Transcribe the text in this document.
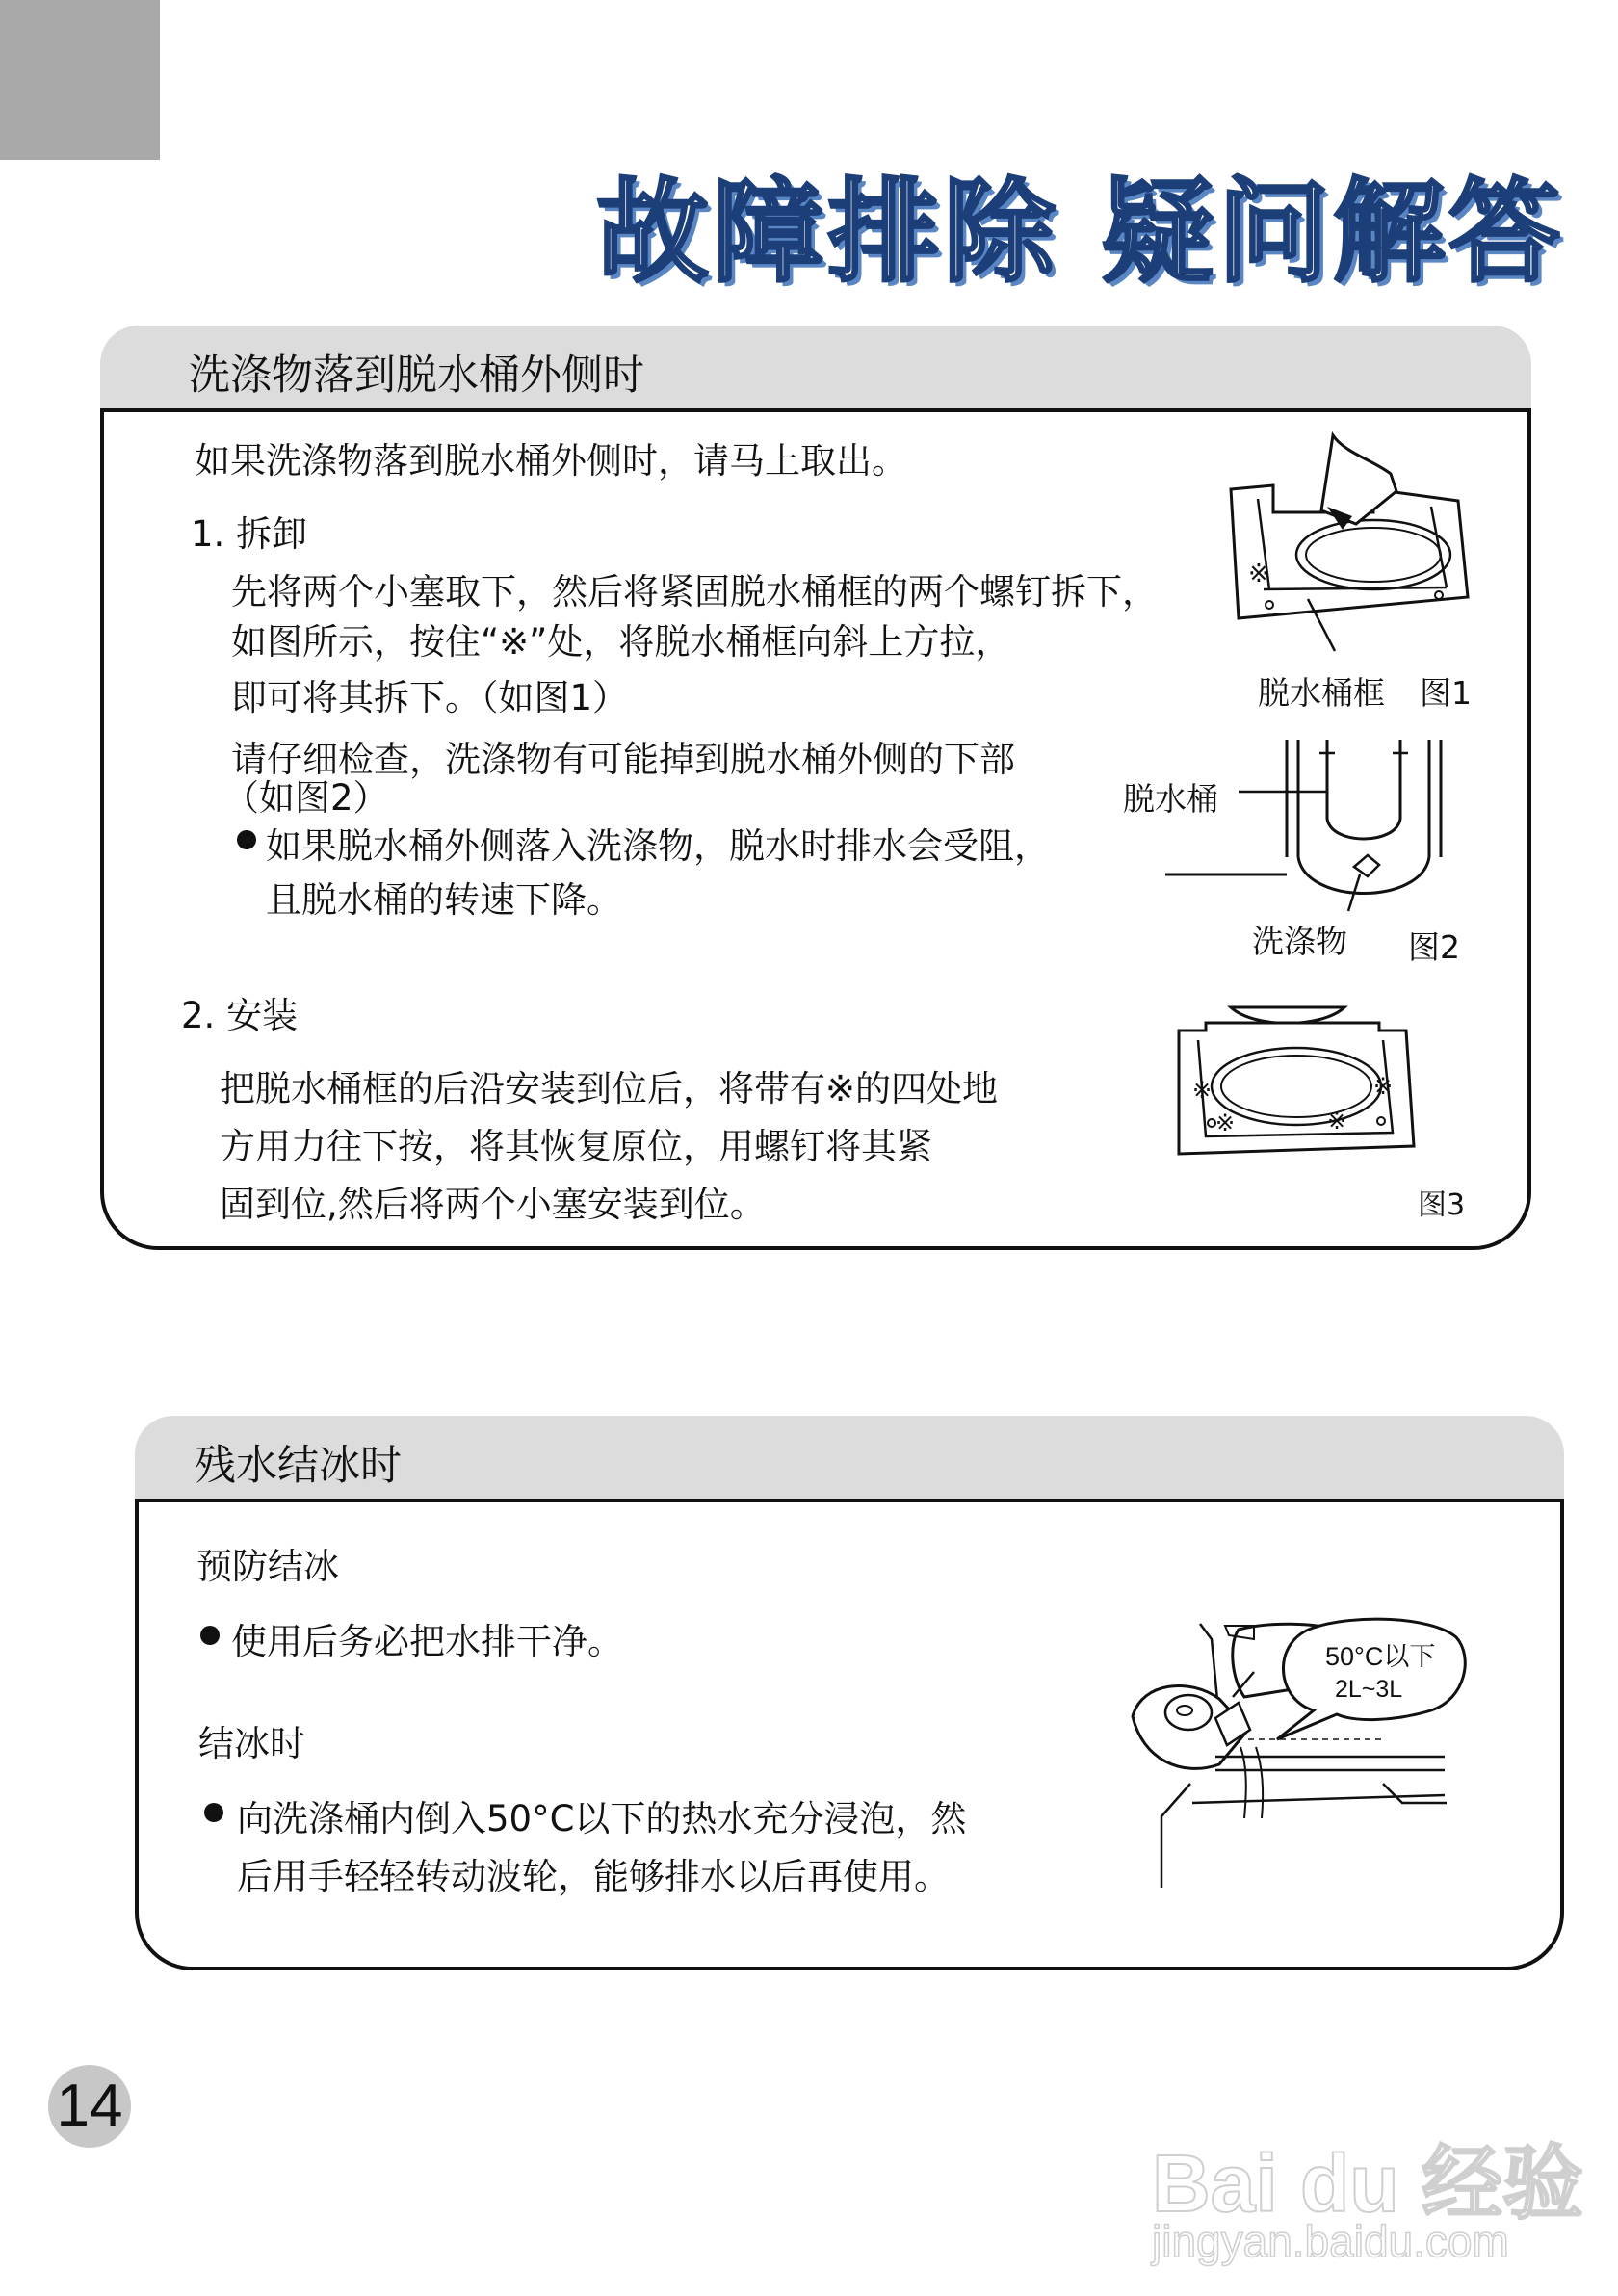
故障排除 疑问解答
洗涤物落到脱水桶外侧时
如果洗涤物落到脱水桶外侧时，请马上取出。
1. 拆卸
先将两个小塞取下，然后将紧固脱水桶框的两个螺钉拆下，
如图所示，按住“※”处，将脱水桶框向斜上方拉，
即可将其拆下。（如图1）
请仔细检查，洗涤物有可能掉到脱水桶外侧的下部
（如图2）
如果脱水桶外侧落入洗涤物，脱水时排水会受阻，
且脱水桶的转速下降。
2. 安装
把脱水桶框的后沿安装到位后，将带有※的四处地
方用力往下按，将其恢复原位，用螺钉将其紧
固到位,然后将两个小塞安装到位。
※
脱水桶框 图1
脱水桶
洗涤物 图2
※	※
※	※
图3
残水结冰时
预防结冰
使用后务必把水排干净。
结冰时
向洗涤桶内倒入50°C以下的热水充分浸泡，然
后用手轻轻转动波轮，能够排水以后再使用。
50°C以下
2L~3L
14
Bai du 经验
jingyan.baidu.com
